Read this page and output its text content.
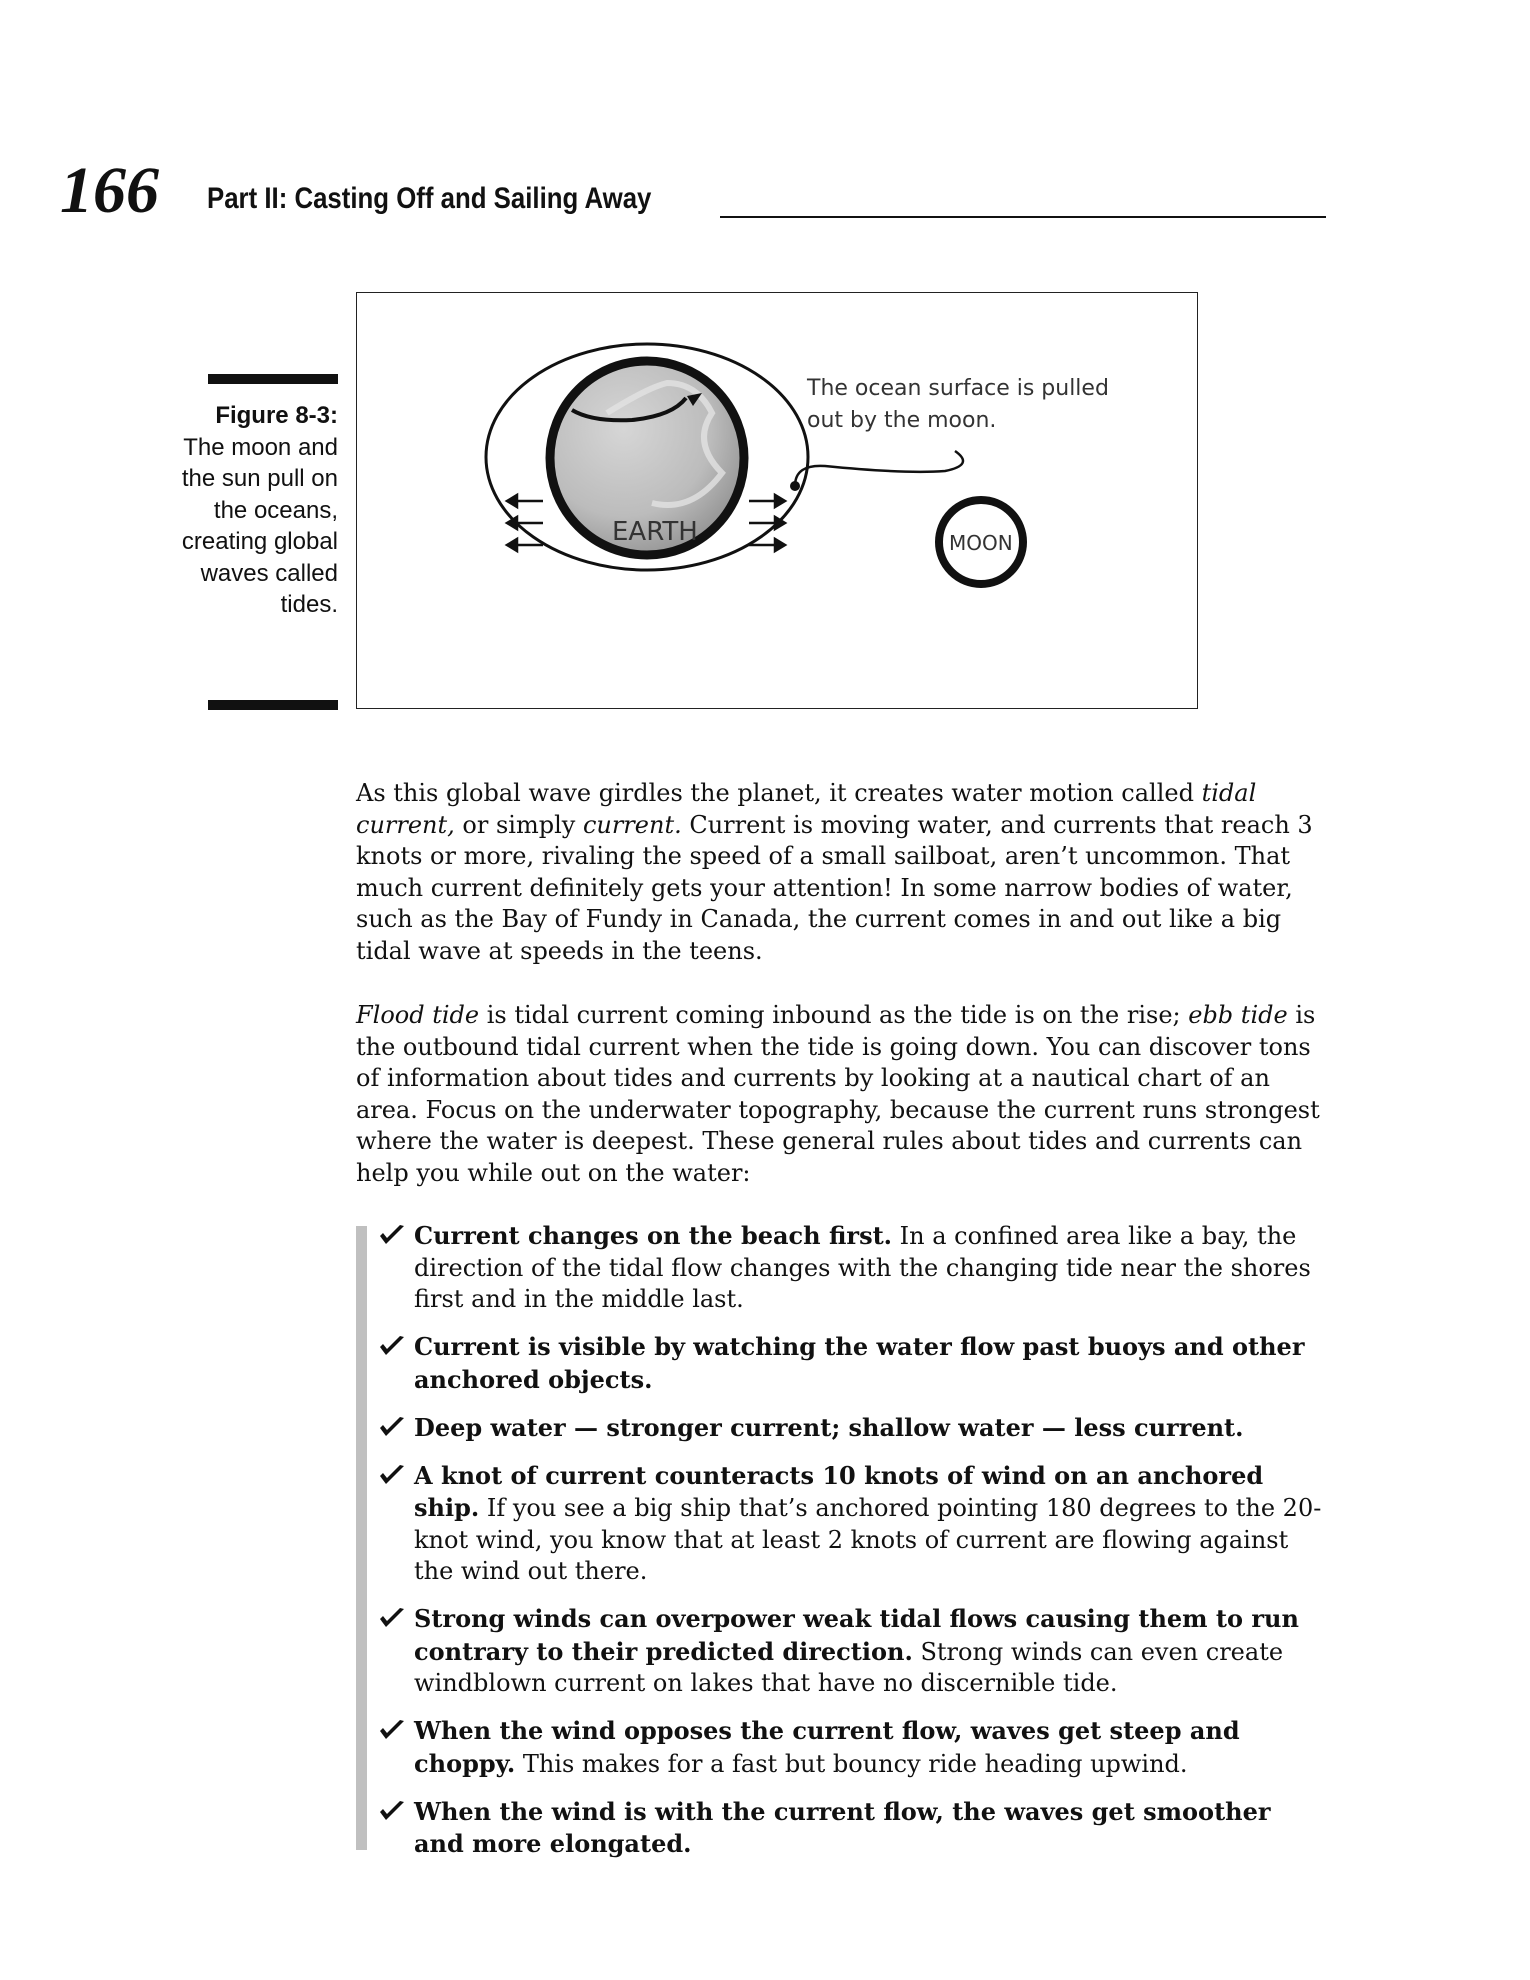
166 Part II: Casting Off and Sailing Away
Figure 8-3:
The moon and the sun pull on the oceans, creating global waves called tides.
EARTH	MOON
The ocean surface is pulled
out by the moon.

As this global wave girdles the planet, it creates water motion called tidal current, or simply current. Current is moving water, and currents that reach 3 knots or more, rivaling the speed of a small sailboat, aren’t uncommon. That much current definitely gets your attention! In some narrow bodies of water, such as the Bay of Fundy in Canada, the current comes in and out like a big tidal wave at speeds in the teens.

Flood tide is tidal current coming inbound as the tide is on the rise; ebb tide is the outbound tidal current when the tide is going down. You can discover tons of information about tides and currents by looking at a nautical chart of an area. Focus on the underwater topography, because the current runs strongest where the water is deepest. These general rules about tides and currents can help you while out on the water:

Current changes on the beach first. In a confined area like a bay, the direction of the tidal flow changes with the changing tide near the shores first and in the middle last.
Current is visible by watching the water flow past buoys and other anchored objects.
Deep water — stronger current; shallow water — less current.
A knot of current counteracts 10 knots of wind on an anchored ship. If you see a big ship that’s anchored pointing 180 degrees to the 20-knot wind, you know that at least 2 knots of current are flowing against the wind out there.
Strong winds can overpower weak tidal flows causing them to run contrary to their predicted direction. Strong winds can even create windblown current on lakes that have no discernible tide.
When the wind opposes the current flow, waves get steep and choppy. This makes for a fast but bouncy ride heading upwind.
When the wind is with the current flow, the waves get smoother and more elongated.
